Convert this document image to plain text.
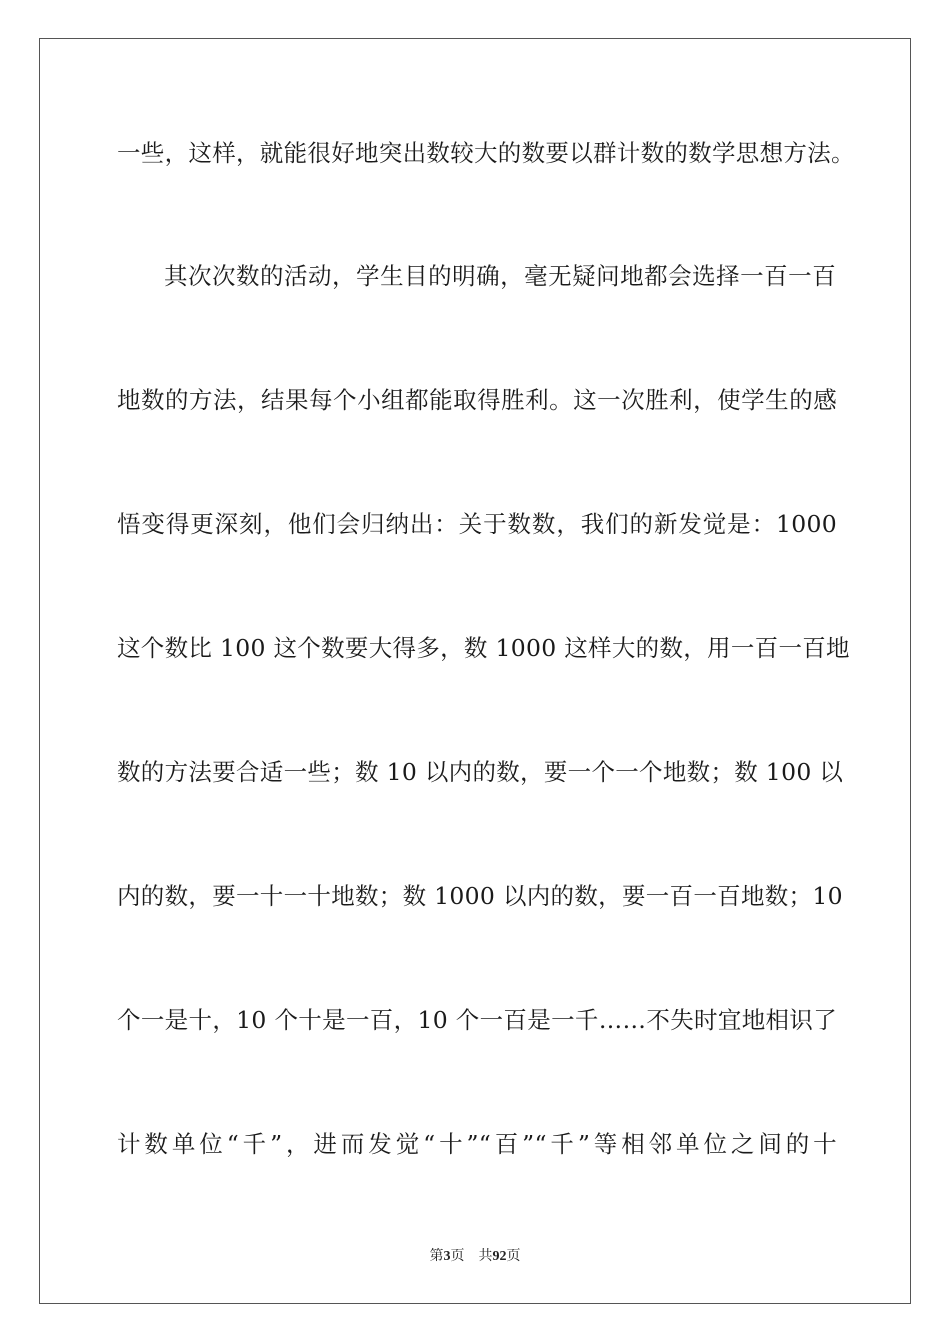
一些，这样，就能很好地突出数较大的数要以群计数的数学思想方法。
其次次数的活动，学生目的明确，毫无疑问地都会选择一百一百
地数的方法，结果每个小组都能取得胜利。这一次胜利，使学生的感
悟变得更深刻，他们会归纳出：关于数数，我们的新发觉是：1000
这个数比 100 这个数要大得多，数 1000 这样大的数，用一百一百地
数的方法要合适一些；数 10 以内的数，要一个一个地数；数 100 以
内的数，要一十一十地数；数 1000 以内的数，要一百一百地数；10
个一是十，10 个十是一百，10 个一百是一千……不失时宜地相识了
计数单位“千”，进而发觉“十”“百”“千”等相邻单位之间的十
第3页 共92页
